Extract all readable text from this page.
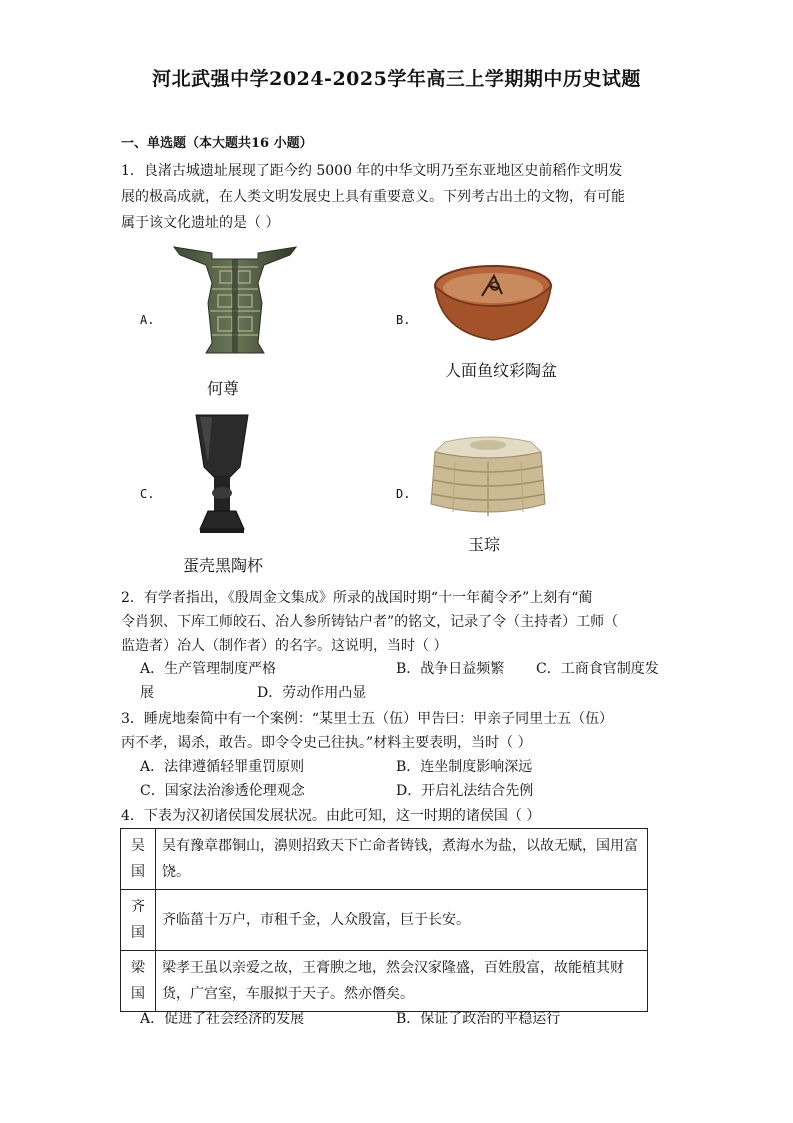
河北武强中学2024-2025学年高三上学期期中历史试题
一、单选题（本大题共16 小题）
1．良渚古城遗址展现了距今约 5000 年的中华文明乃至东亚地区史前稻作文明发
展的极高成就，在人类文明发展史上具有重要意义。下列考古出土的文物，有可能
属于该文化遗址的是（ ）
A.
何尊
B.
人面鱼纹彩陶盆
C.
蛋壳黑陶杯
D.
玉琮
2．有学者指出，《殷周金文集成》所录的战国时期“十一年蔺令矛”上刻有“蔺
令肖狈、下库工师皎石、冶人参所铸钴户者”的铭文，记录了令（主持者）工师（
监造者）冶人（制作者）的名字。这说明，当时（ ）
A．生产管理制度严格	B．战争日益频繁 C．工商食官制度发
展	D．劳动作用凸显
3．睡虎地秦简中有一个案例：“某里士五（伍）甲告曰：甲亲子同里士五（伍）
丙不孝，谒杀，敢告。即令令史己往执。”材料主要表明，当时（ ）
A．法律遵循轻罪重罚原则	B．连坐制度影响深远
C．国家法治渗透伦理观念	D．开启礼法结合先例
4．下表为汉初诸侯国发展状况。由此可知，这一时期的诸侯国（ ）
吴
国	吴有豫章郡铜山，濞则招致天下亡命者铸钱，煮海水为盐，以故无赋，国用富饶。
齐
国	齐临菑十万户，市租千金，人众殷富，巨于长安。
梁
国	梁孝王虽以亲爱之故，王膏腴之地，然会汉家隆盛，百姓殷富，故能植其财货，广宫室，车服拟于天子。然亦僭矣。
A．促进了社会经济的发展	B．保证了政治的平稳运行
